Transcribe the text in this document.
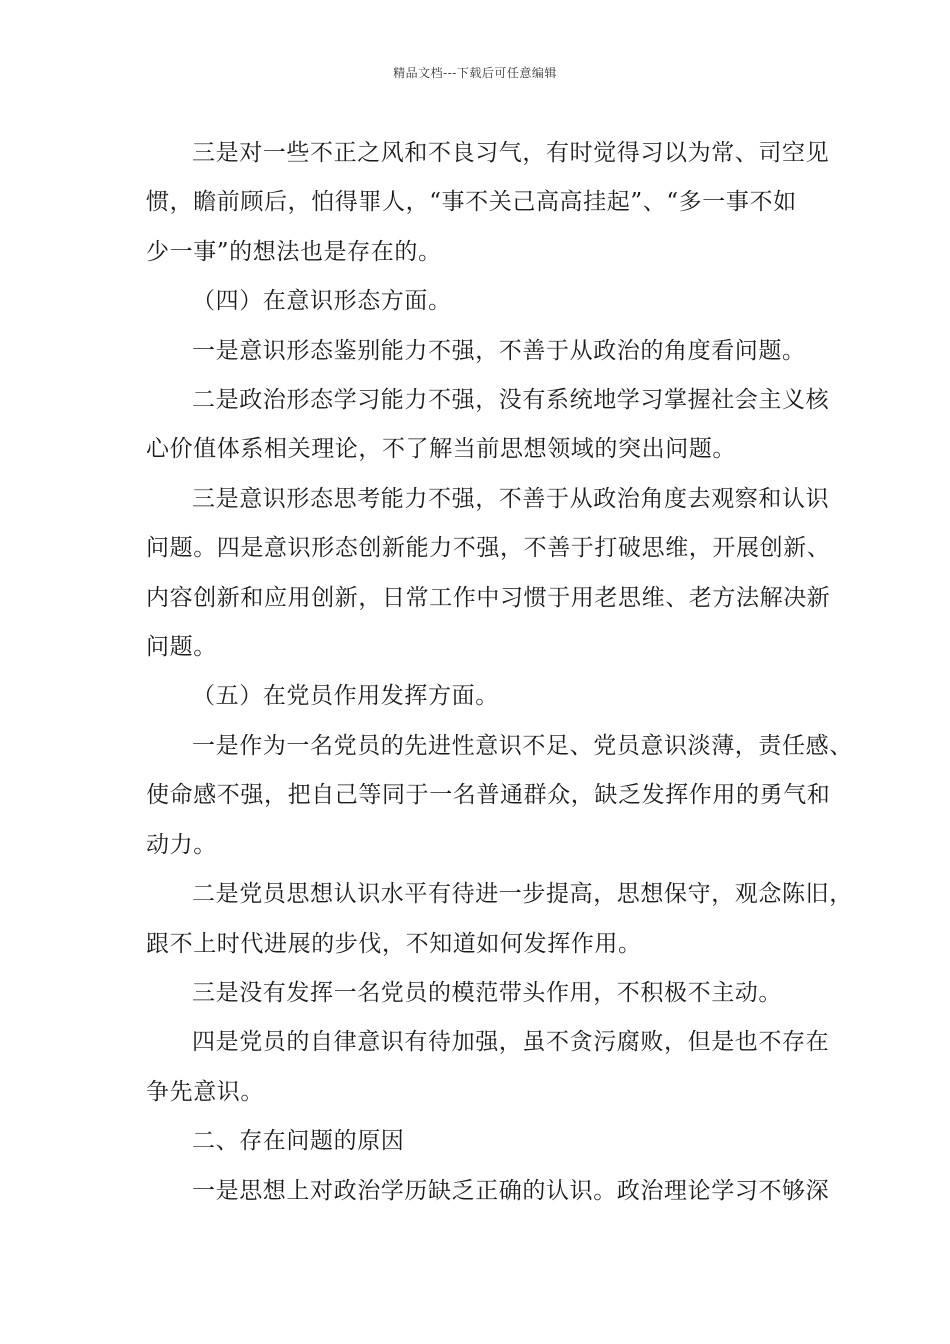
精品文档---下载后可任意编辑

三是对一些不正之风和不良习气，有时觉得习以为常、司空见
惯，瞻前顾后，怕得罪人，“事不关己高高挂起”、“多一事不如
少一事”的想法也是存在的。

（四）在意识形态方面。

一是意识形态鉴别能力不强，不善于从政治的角度看问题。

二是政治形态学习能力不强，没有系统地学习掌握社会主义核
心价值体系相关理论，不了解当前思想领域的突出问题。

三是意识形态思考能力不强，不善于从政治角度去观察和认识
问题。四是意识形态创新能力不强，不善于打破思维，开展创新、
内容创新和应用创新，日常工作中习惯于用老思维、老方法解决新
问题。

（五）在党员作用发挥方面。

一是作为一名党员的先进性意识不足、党员意识淡薄，责任感、
使命感不强，把自己等同于一名普通群众，缺乏发挥作用的勇气和
动力。

二是党员思想认识水平有待进一步提高，思想保守，观念陈旧，
跟不上时代进展的步伐，不知道如何发挥作用。

三是没有发挥一名党员的模范带头作用，不积极不主动。

四是党员的自律意识有待加强，虽不贪污腐败，但是也不存在
争先意识。

二、存在问题的原因

一是思想上对政治学历缺乏正确的认识。政治理论学习不够深
